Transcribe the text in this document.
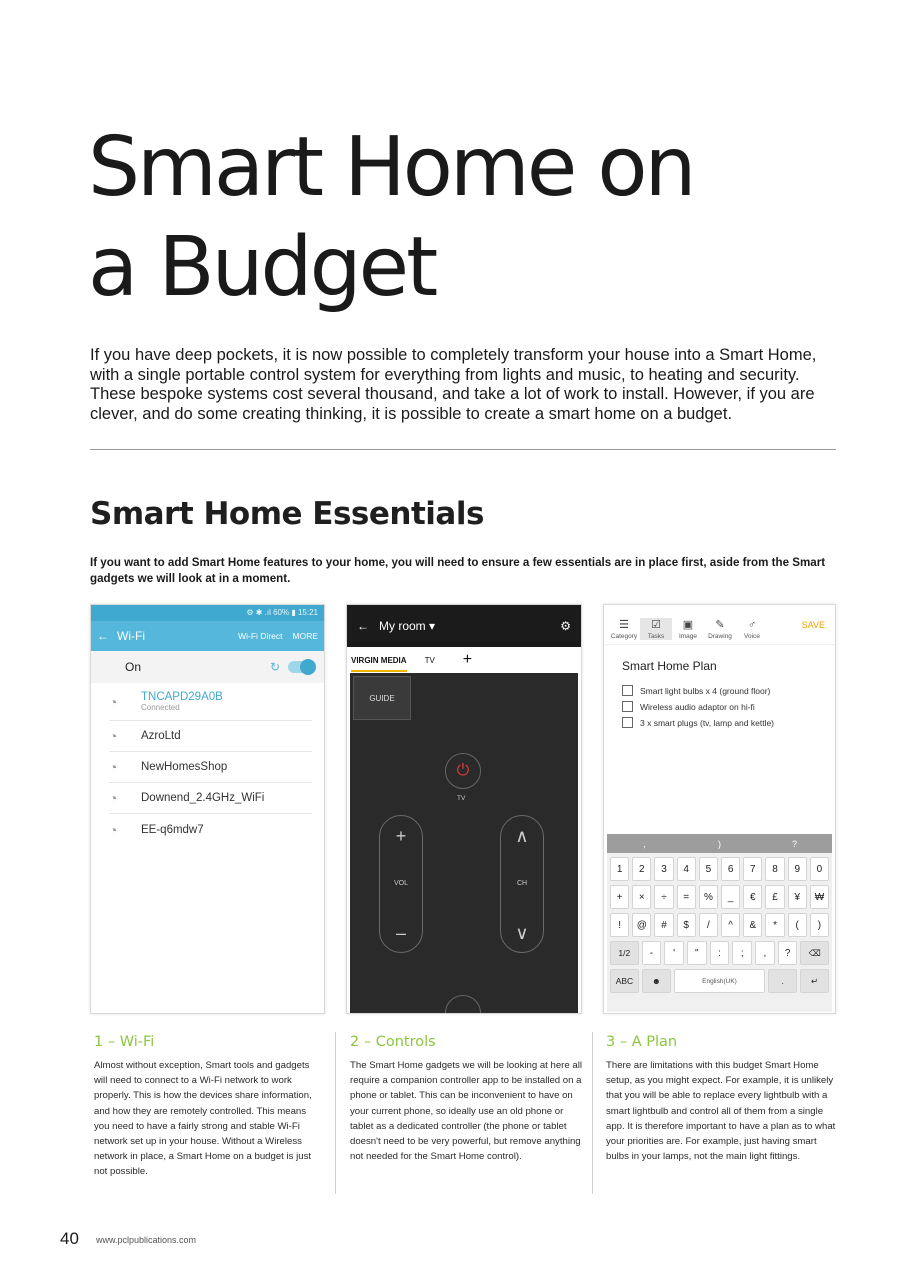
Smart Home on
a Budget

If you have deep pockets, it is now possible to completely transform your house into a Smart Home, with a single portable control system for everything from lights and music, to heating and security. These bespoke systems cost several thousand, and take a lot of work to install. However, if you are clever, and do some creating thinking, it is possible to create a smart home on a budget.

Smart Home Essentials

If you want to add Smart Home features to your home, you will need to ensure a few essentials are in place first, aside from the Smart gadgets we will look at in a moment.

⚙ ✱ .ıl 60% ▮ 15:21
← Wi-Fi	Wi-Fi Direct MORE
On	↻
◔	TNCAPD29A0B
Connected
◔	AzroLtd
◔	NewHomesShop
◔	Downend_2.4GHz_WiFi
◔	EE-q6mdw7
← My room ▾	⚙
VIRGIN MEDIA TV +
GUIDE
⏻
TV
+
VOL
–
∧
CH
∨
☰
Category
☑
Tasks
▣
Image
✎
Drawing
♂
Voice
SAVE
Smart Home Plan
Smart light bulbs x 4 (ground floor)
Wireless audio adaptor on hi-fi
3 x smart plugs (tv, lamp and kettle)
,	)	?
1	2	3	4	5	6	7	8	9	0
+	×	÷	=	%	_	€	£	¥	₩
!	@	#	$	/	^	&	*	(	)
1/2	-	'	"	:	;	,	?	⌫
ABC	☻	English(UK)	.	↵
1 – Wi-Fi
Almost without exception, Smart tools and gadgets will need to connect to a Wi-Fi network to work properly. This is how the devices share information, and how they are remotely controlled. This means you need to have a fairly strong and stable Wi-Fi network set up in your house. Without a Wireless network in place, a Smart Home on a budget is just not possible.
2 – Controls
The Smart Home gadgets we will be looking at here all require a companion controller app to be installed on a phone or tablet. This can be inconvenient to have on your current phone, so ideally use an old phone or tablet as a dedicated controller (the phone or tablet doesn't need to be very powerful, but remove anything not needed for the Smart Home control).
3 – A Plan
There are limitations with this budget Smart Home setup, as you might expect. For example, it is unlikely that you will be able to replace every lightbulb with a smart lightbulb and control all of them from a single app. It is therefore important to have a plan as to what your priorities are. For example, just having smart bulbs in your lamps, not the main light fittings.
40 www.pclpublications.com
